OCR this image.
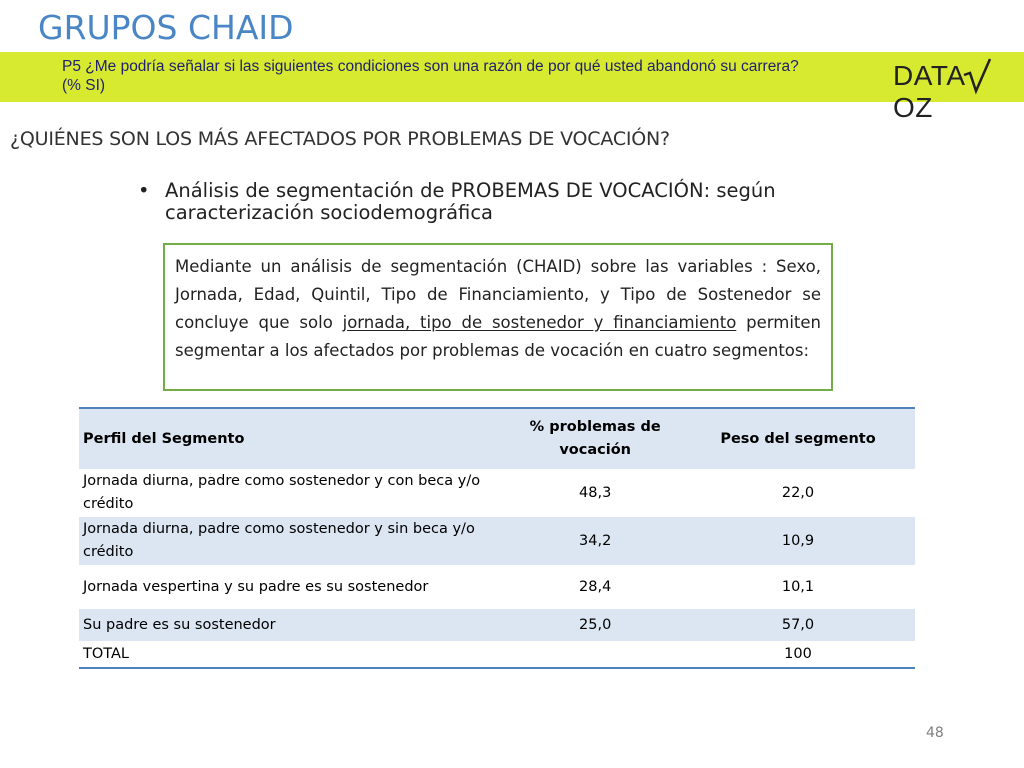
GRUPOS CHAID
P5 ¿Me podría señalar si las siguientes condiciones son una razón de por qué usted abandonó su carrera?
(% SI)	DATA
OZ
¿QUIÉNES SON LOS MÁS AFECTADOS POR PROBLEMAS DE VOCACIÓN?
• Análisis de segmentación de PROBEMAS DE VOCACIÓN: según caracterización sociodemográfica
Mediante un análisis de segmentación (CHAID) sobre las variables : Sexo, Jornada, Edad, Quintil, Tipo de Financiamiento, y Tipo de Sostenedor se concluye que solo jornada, tipo de sostenedor y financiamiento permiten segmentar a los afectados por problemas de vocación en cuatro segmentos:
Perfil del Segmento	% problemas de vocación	Peso del segmento
Jornada diurna, padre como sostenedor y con beca y/o crédito	48,3	22,0
Jornada diurna, padre como sostenedor y sin beca y/o crédito	34,2	10,9
Jornada vespertina y su padre es su sostenedor	28,4	10,1
Su padre es su sostenedor	25,0	57,0
TOTAL		100
48
